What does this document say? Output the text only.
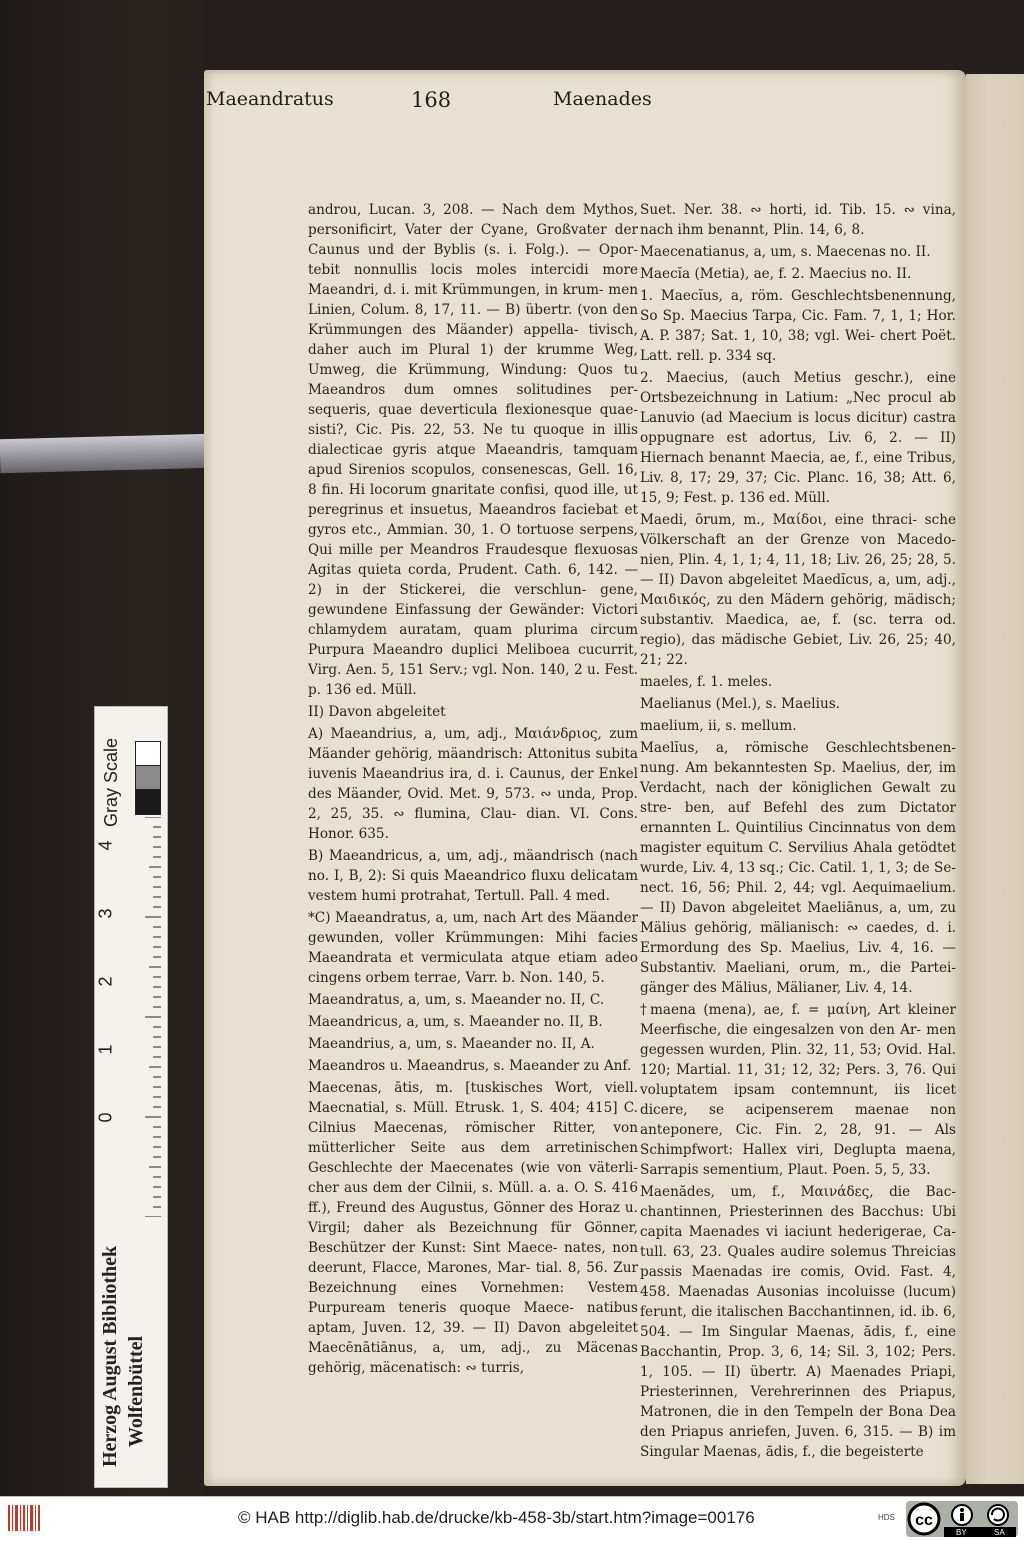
Maeandratus	168	Maenades

androu, Lucan. 3, 208. — Nach dem Mythos, personificirt, Vater der Cyane, Großvater der Caunus und der Byblis (s. i. Folg.). — Opor- tebit nonnullis locis moles intercidi more Maeandri, d. i. mit Krümmungen, in krum- men Linien, Colum. 8, 17, 11. — B) übertr. (von den Krümmungen des Mäander) appella- tivisch, daher auch im Plural 1) der krumme Weg, Umweg, die Krümmung, Windung: Quos tu Maeandros dum omnes solitudines per- sequeris, quae deverticula flexionesque quae- sisti?, Cic. Pis. 22, 53. Ne tu quoque in illis dialecticae gyris atque Maeandris, tamquam apud Sirenios scopulos, consenescas, Gell. 16, 8 fin. Hi locorum gnaritate confisi, quod ille, ut peregrinus et insuetus, Maeandros faciebat et gyros etc., Ammian. 30, 1. O tortuose serpens, Qui mille per Meandros Fraudesque flexuosas Agitas quieta corda, Prudent. Cath. 6, 142. — 2) in der Stickerei, die verschlun- gene, gewundene Einfassung der Gewänder: Victori chlamydem auratam, quam plurima circum Purpura Maeandro duplici Meliboea cucurrit, Virg. Aen. 5, 151 Serv.; vgl. Non. 140, 2 u. Fest. p. 136 ed. Müll.

II) Davon abgeleitet

A) Maeandrius, a, um, adj., Μαιάνδριος, zum Mäander gehörig, mäandrisch: Attonitus subita iuvenis Maeandrius ira, d. i. Caunus, der Enkel des Mäander, Ovid. Met. 9, 573. ∾ unda, Prop. 2, 25, 35. ∾ flumina, Clau- dian. VI. Cons. Honor. 635.

B) Maeandricus, a, um, adj., mäandrisch (nach no. I, B, 2): Si quis Maeandrico fluxu delicatam vestem humi protrahat, Tertull. Pall. 4 med.

*C) Maeandratus, a, um, nach Art des Mäander gewunden, voller Krümmungen: Mihi facies Maeandrata et vermiculata atque etiam adeo cingens orbem terrae, Varr. b. Non. 140, 5.

Maeandratus, a, um, s. Maeander no. II, C.

Maeandricus, a, um, s. Maeander no. II, B.

Maeandrius, a, um, s. Maeander no. II, A.

Maeandros u. Maeandrus, s. Maeander zu Anf.

Maecenas, ātis, m. [tuskisches Wort, viell. Maecnatial, s. Müll. Etrusk. 1, S. 404; 415] C. Cilnius Maecenas, römischer Ritter, von mütterlicher Seite aus dem arretinischen Geschlechte der Maecenates (wie von väterli- cher aus dem der Cilnii, s. Müll. a. a. O. S. 416 ff.), Freund des Augustus, Gönner des Horaz u. Virgil; daher als Bezeichnung für Gönner, Beschützer der Kunst: Sint Maece- nates, non deerunt, Flacce, Marones, Mar- tial. 8, 56. Zur Bezeichnung eines Vornehmen: Vestem Purpuream teneris quoque Maece- natibus aptam, Juven. 12, 39. — II) Davon abgeleitet Maecēnātiānus, a, um, adj., zu Mäcenas gehörig, mäcenatisch: ∾ turris,

Suet. Ner. 38. ∾ horti, id. Tib. 15. ∾ vina, nach ihm benannt, Plin. 14, 6, 8.

Maecenatianus, a, um, s. Maecenas no. II.

Maecĭa (Metia), ae, f. 2. Maecius no. II.

1. Maecĭus, a, röm. Geschlechtsbenennung, So Sp. Maecius Tarpa, Cic. Fam. 7, 1, 1; Hor. A. P. 387; Sat. 1, 10, 38; vgl. Wei- chert Poët. Latt. rell. p. 334 sq.

2. Maecius, (auch Metius geschr.), eine Ortsbezeichnung in Latium: „Nec procul ab Lanuvio (ad Maecium is locus dicitur) castra oppugnare est adortus, Liv. 6, 2. — II) Hiernach benannt Maecia, ae, f., eine Tribus, Liv. 8, 17; 29, 37; Cic. Planc. 16, 38; Att. 6, 15, 9; Fest. p. 136 ed. Müll.

Maedi, ōrum, m., Μαίδοι, eine thraci- sche Völkerschaft an der Grenze von Macedo- nien, Plin. 4, 1, 1; 4, 11, 18; Liv. 26, 25; 28, 5. — II) Davon abgeleitet Maedĭcus, a, um, adj., Μαιδικός, zu den Mädern gehörig, mädisch; substantiv. Maedica, ae, f. (sc. terra od. regio), das mädische Gebiet, Liv. 26, 25; 40, 21; 22.

maeles, f. 1. meles.

Maelianus (Mel.), s. Maelius.

maelium, ii, s. mellum.

Maelĭus, a, römische Geschlechtsbenen- nung. Am bekanntesten Sp. Maelius, der, im Verdacht, nach der königlichen Gewalt zu stre- ben, auf Befehl des zum Dictator ernannten L. Quintilius Cincinnatus von dem magister equitum C. Servilius Ahala getödtet wurde, Liv. 4, 13 sq.; Cic. Catil. 1, 1, 3; de Se- nect. 16, 56; Phil. 2, 44; vgl. Aequimaelium. — II) Davon abgeleitet Maeliānus, a, um, zu Mälius gehörig, mälianisch: ∾ caedes, d. i. Ermordung des Sp. Maelius, Liv. 4, 16. — Substantiv. Maeliani, orum, m., die Partei- gänger des Mälius, Mälianer, Liv. 4, 14.

†maena (mena), ae, f. = μαίνη, Art kleiner Meerfische, die eingesalzen von den Ar- men gegessen wurden, Plin. 32, 11, 53; Ovid. Hal. 120; Martial. 11, 31; 12, 32; Pers. 3, 76. Qui voluptatem ipsam contemnunt, iis licet dicere, se acipenserem maenae non anteponere, Cic. Fin. 2, 28, 91. — Als Schimpfwort: Hallex viri, Deglupta maena, Sarrapis sementium, Plaut. Poen. 5, 5, 33.

Maenădes, um, f., Μαινάδες, die Bac- chantinnen, Priesterinnen des Bacchus: Ubi capita Maenades vi iaciunt hederigerae, Ca- tull. 63, 23. Quales audire solemus Threicias passis Maenadas ire comis, Ovid. Fast. 4, 458. Maenadas Ausonias incoluisse (lucum) ferunt, die italischen Bacchantinnen, id. ib. 6, 504. — Im Singular Maenas, ădis, f., eine Bacchantin, Prop. 3, 6, 14; Sil. 3, 102; Pers. 1, 105. — II) übertr. A) Maenades Priapi, Priesterinnen, Verehrerinnen des Priapus, Matronen, die in den Tempeln der Bona Dea den Priapus anriefen, Juven. 6, 315. — B) im Singular Maenas, ădis, f., die begeisterte

Gray Scale
4
3
2
1
0
Herzog August Bibliothek Wolfenbüttel
© HAB http://diglib.hab.de/drucke/kb-458-3b/start.htm?image=00176	HDS cc
BY	SA
